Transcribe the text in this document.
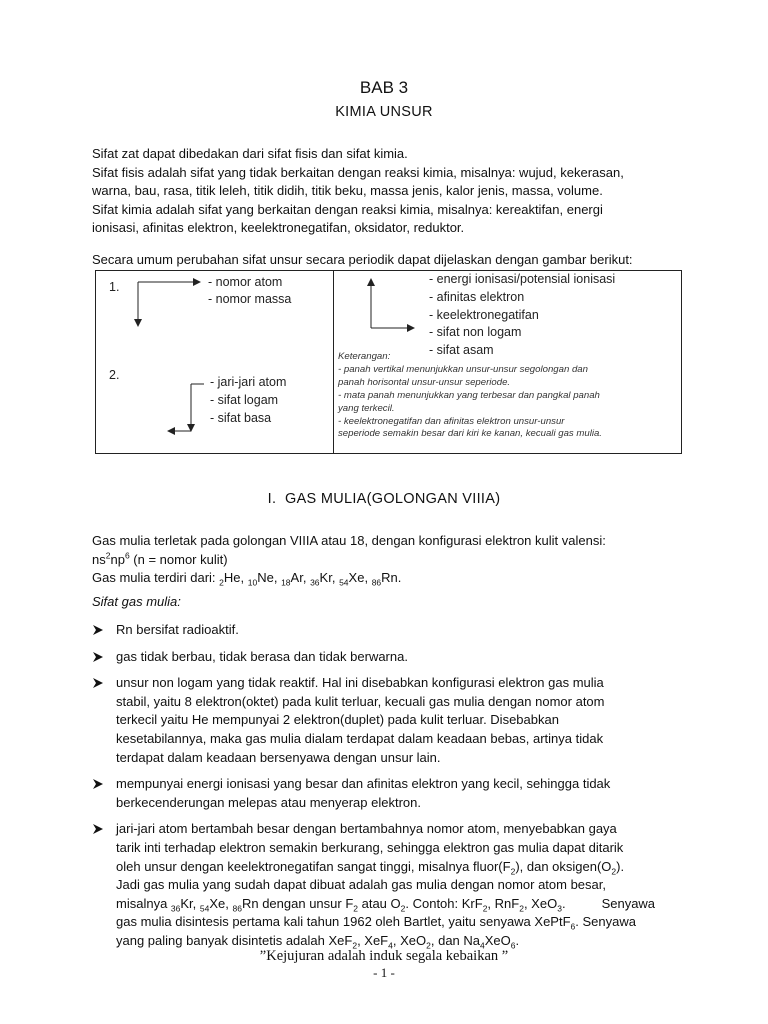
BAB 3
KIMIA UNSUR

Sifat zat dapat dibedakan dari sifat fisis dan sifat kimia.

Sifat fisis adalah sifat yang tidak berkaitan dengan reaksi kimia, misalnya: wujud, kekerasan,

warna, bau, rasa, titik leleh, titik didih, titik beku, massa jenis, kalor jenis, massa, volume.

Sifat kimia adalah sifat yang berkaitan dengan reaksi kimia, misalnya: kereaktifan, energi

ionisasi, afinitas elektron, keelektronegatifan, oksidator, reduktor.

Secara umum perubahan sifat unsur secara periodik dapat dijelaskan dengan gambar berikut:

1.	- nomor atom
- nomor massa
2.	- jari-jari atom
- sifat logam
- sifat basa
- energi ionisasi/potensial ionisasi
- afinitas elektron
- keelektronegatifan
- sifat non logam
- sifat asam
Keterangan:
- panah vertikal menunjukkan unsur-unsur segolongan dan
panah horisontal unsur-unsur seperiode.
- mata panah menunjukkan yang terbesar dan pangkal panah
yang terkecil.
- keelektronegatifan dan afinitas elektron unsur-unsur
seperiode semakin besar dari kiri ke kanan, kecuali gas mulia.
I. GAS MULIA(GOLONGAN VIIIA)

Gas mulia terletak pada golongan VIIIA atau 18, dengan konfigurasi elektron kulit valensi:

$ns^2np^6$ (n = nomor kulit)

Gas mulia terdiri dari: $_2$He, $_{10}$Ne, $_{18}$Ar, $_{36}$Kr, $_{54}$Xe, $_{86}$Rn.

Sifat gas mulia:
Rn bersifat radioaktif.
gas tidak berbau, tidak berasa dan tidak berwarna.
unsur non logam yang tidak reaktif. Hal ini disebabkan konfigurasi elektron gas mulia
stabil, yaitu 8 elektron(oktet) pada kulit terluar, kecuali gas mulia dengan nomor atom
terkecil yaitu He mempunyai 2 elektron(duplet) pada kulit terluar. Disebabkan
kesetabilannya, maka gas mulia dialam terdapat dalam keadaan bebas, artinya tidak
terdapat dalam keadaan bersenyawa dengan unsur lain.
mempunyai energi ionisasi yang besar dan afinitas elektron yang kecil, sehingga tidak
berkecenderungan melepas atau menyerap elektron.
jari-jari atom bertambah besar dengan bertambahnya nomor atom, menyebabkan gaya
tarik inti terhadap elektron semakin berkurang, sehingga elektron gas mulia dapat ditarik
oleh unsur dengan keelektronegatifan sangat tinggi, misalnya $fluor(F_2)$, dan $oksigen(O_2)$.
Jadi gas mulia yang sudah dapat dibuat adalah gas mulia dengan nomor atom besar,
misalnya $_{36}$Kr, $_{54}$Xe, $_{86}$Rn dengan unsur $F_2$ atau $O_2$. Contoh: KrF$_2$, RnF$_2$, XeO$_3$.	Senyawa
gas mulia disintesis pertama kali tahun 1962 oleh Bartlet, yaitu senyawa XePtF$_6$. Senyawa
yang paling banyak disintetis adalah XeF$_2$, XeF$_4$, XeO$_2$, dan $Na_4XeO_6$.
”Kejujuran adalah induk segala kebaikan ”
- 1 -
